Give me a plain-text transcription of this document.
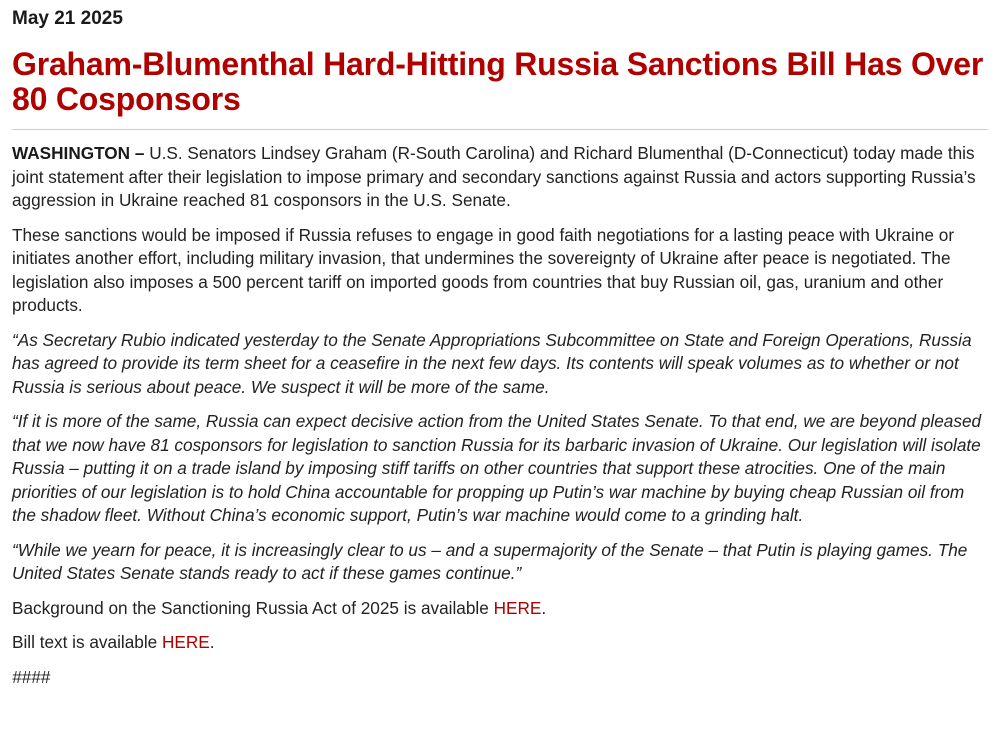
May 21 2025
Graham-Blumenthal Hard-Hitting Russia Sanctions Bill Has Over 80 Cosponsors

WASHINGTON – U.S. Senators Lindsey Graham (R-South Carolina) and Richard Blumenthal (D-Connecticut) today made this joint statement after their legislation to impose primary and secondary sanctions against Russia and actors supporting Russia’s aggression in Ukraine reached 81 cosponsors in the U.S. Senate.

These sanctions would be imposed if Russia refuses to engage in good faith negotiations for a lasting peace with Ukraine or initiates another effort, including military invasion, that undermines the sovereignty of Ukraine after peace is negotiated. The legislation also imposes a 500 percent tariff on imported goods from countries that buy Russian oil, gas, uranium and other products.

“As Secretary Rubio indicated yesterday to the Senate Appropriations Subcommittee on State and Foreign Operations, Russia has agreed to provide its term sheet for a ceasefire in the next few days. Its contents will speak volumes as to whether or not Russia is serious about peace. We suspect it will be more of the same.

“If it is more of the same, Russia can expect decisive action from the United States Senate. To that end, we are beyond pleased that we now have 81 cosponsors for legislation to sanction Russia for its barbaric invasion of Ukraine. Our legislation will isolate Russia – putting it on a trade island by imposing stiff tariffs on other countries that support these atrocities. One of the main priorities of our legislation is to hold China accountable for propping up Putin’s war machine by buying cheap Russian oil from the shadow fleet. Without China’s economic support, Putin’s war machine would come to a grinding halt.

“While we yearn for peace, it is increasingly clear to us – and a supermajority of the Senate – that Putin is playing games. The United States Senate stands ready to act if these games continue.”

Background on the Sanctioning Russia Act of 2025 is available HERE.

Bill text is available HERE.

####
